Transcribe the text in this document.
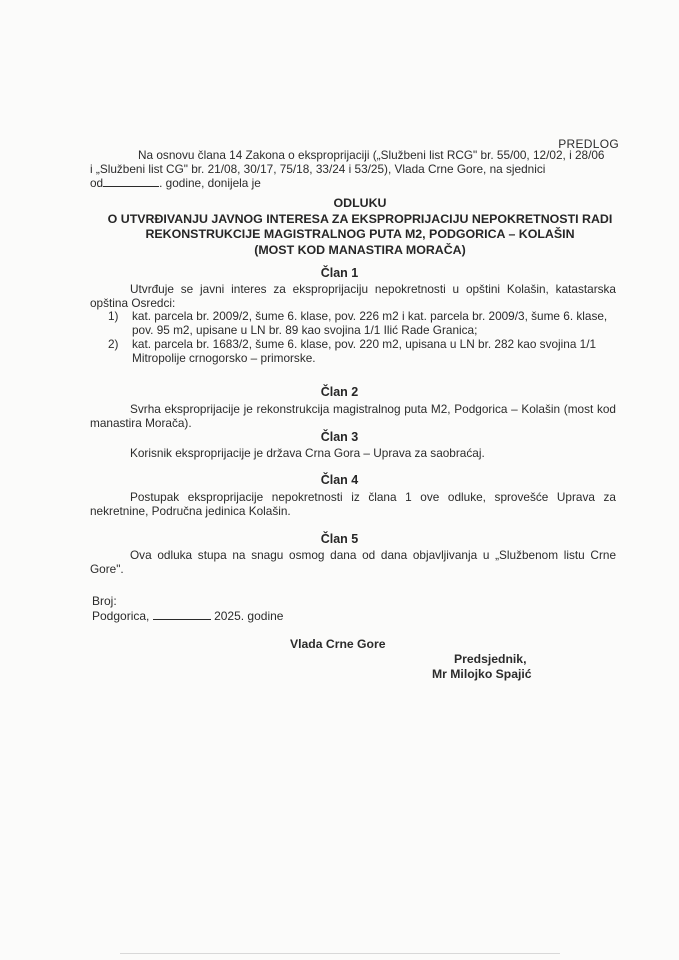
PREDLOG

Na osnovu člana 14 Zakona o eksproprijaciji („Službeni list RCG" br. 55/00, 12/02, i 28/06

i „Službeni list CG" br. 21/08, 30/17, 75/18, 33/24 i 53/25), Vlada Crne Gore, na sjednici

od	. godine, donijela je

ODLUKU
O UTVRĐIVANJU JAVNOG INTERESA ZA EKSPROPRIJACIJU NEPOKRETNOSTI RADI
REKONSTRUKCIJE MAGISTRALNOG PUTA M2, PODGORICA – KOLAŠIN
(MOST KOD MANASTIRA MORAČA)
Član 1
Utvrđuje se javni interes za eksproprijaciju nepokretnosti u opštini Kolašin, katastarska opština Osredci:
1) kat. parcela br. 2009/2, šume 6. klase, pov. 226 m2 i kat. parcela br. 2009/3, šume 6. klase, pov. 95 m2, upisane u LN br. 89 kao svojina 1/1 Ilić Rade Granica;
2) kat. parcela br. 1683/2, šume 6. klase, pov. 220 m2, upisana u LN br. 282 kao svojina 1/1 Mitropolije crnogorsko – primorske.
Član 2
Svrha eksproprijacije je rekonstrukcija magistralnog puta M2, Podgorica – Kolašin (most kod manastira Morača).
Član 3
Korisnik eksproprijacije je država Crna Gora – Uprava za saobraćaj.
Član 4
Postupak eksproprijacije nepokretnosti iz člana 1 ove odluke, sprovešće Uprava za nekretnine, Područna jedinica Kolašin.
Član 5
Ova odluka stupa na snagu osmog dana od dana objavljivanja u „Službenom listu Crne Gore".
Broj:
Podgorica,	2025. godine
Vlada Crne Gore
Predsjednik,
Mr Milojko Spajić
